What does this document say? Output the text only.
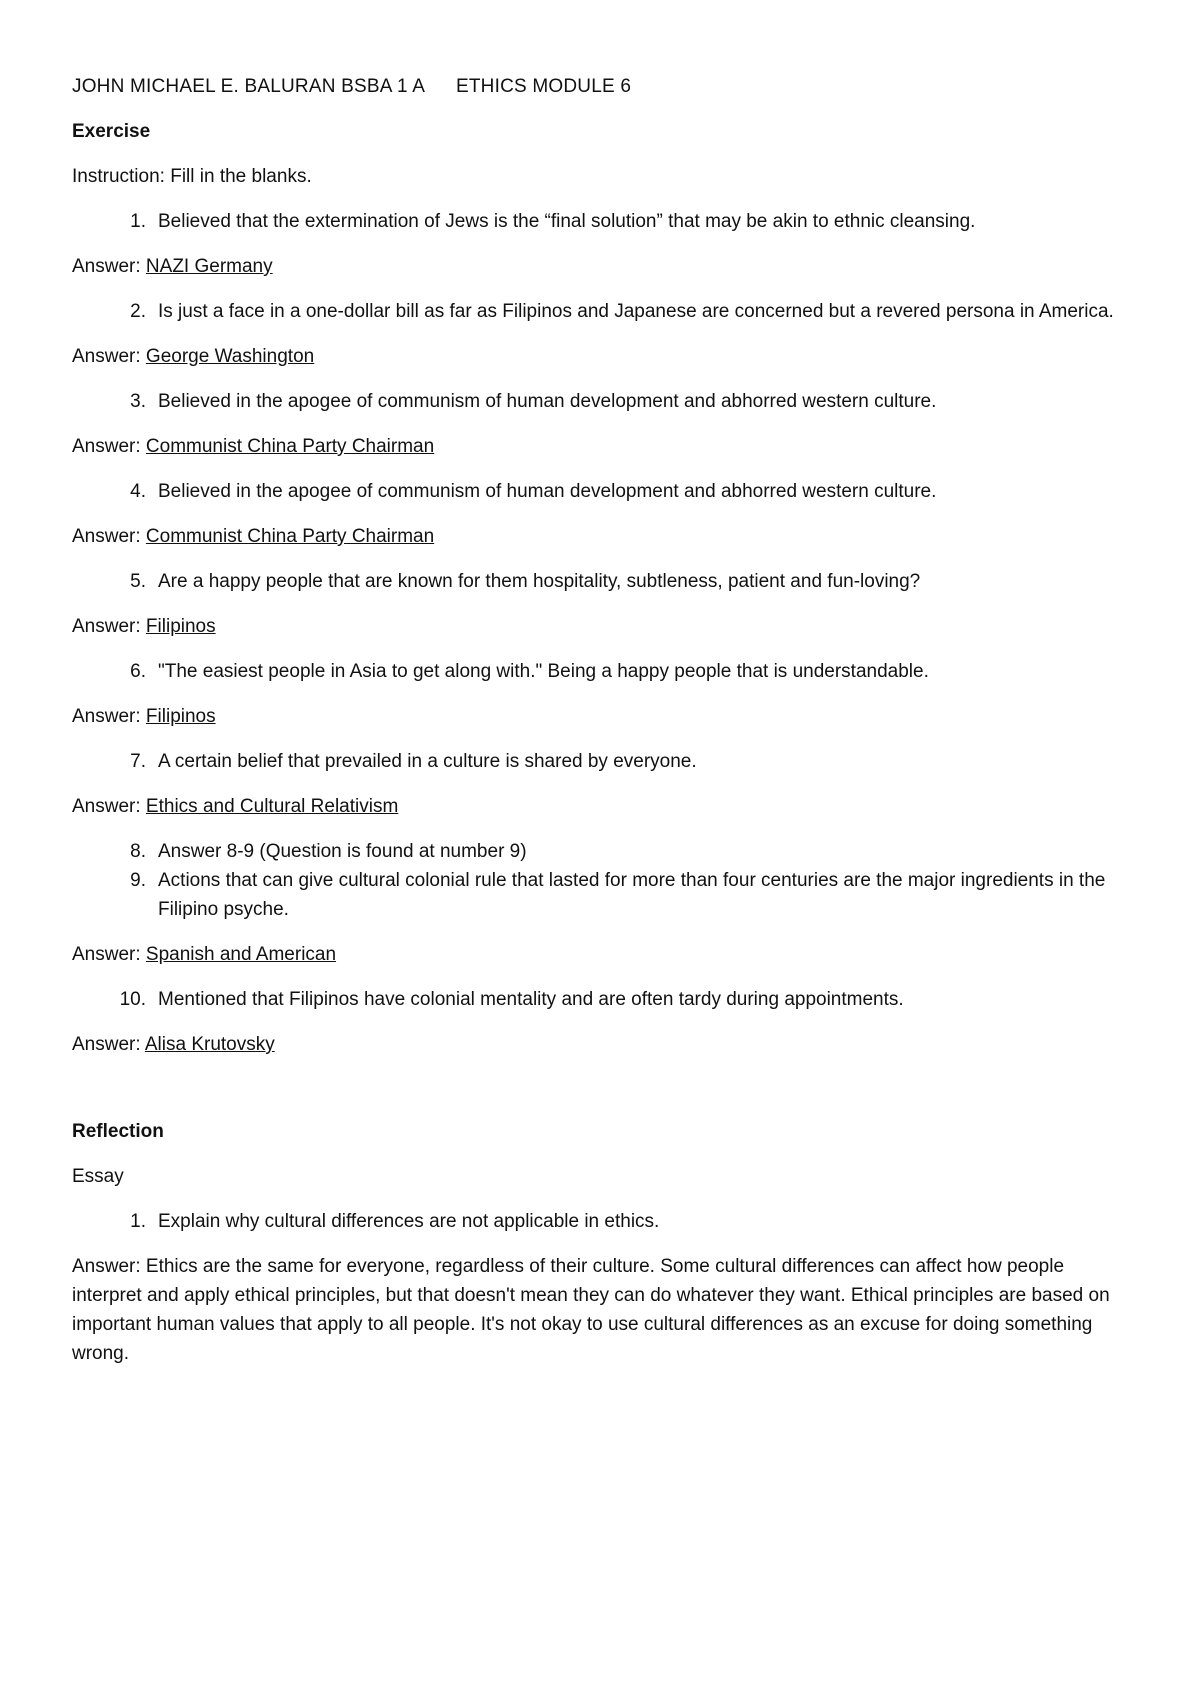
JOHN MICHAEL E. BALURAN BSBA 1 A	ETHICS MODULE 6
Exercise
Instruction: Fill in the blanks.
1. Believed that the extermination of Jews is the “final solution” that may be akin to ethnic cleansing.
Answer: NAZI Germany
2. Is just a face in a one-dollar bill as far as Filipinos and Japanese are concerned but a revered persona in America.
Answer: George Washington
3. Believed in the apogee of communism of human development and abhorred western culture.
Answer: Communist China Party Chairman
4. Believed in the apogee of communism of human development and abhorred western culture.
Answer: Communist China Party Chairman
5. Are a happy people that are known for them hospitality, subtleness, patient and fun-loving?
Answer: Filipinos
6. "The easiest people in Asia to get along with." Being a happy people that is understandable.
Answer: Filipinos
7. A certain belief that prevailed in a culture is shared by everyone.
Answer: Ethics and Cultural Relativism
8. Answer 8-9 (Question is found at number 9)
9. Actions that can give cultural colonial rule that lasted for more than four centuries are the major ingredients in the Filipino psyche.
Answer: Spanish and American
10. Mentioned that Filipinos have colonial mentality and are often tardy during appointments.
Answer: Alisa Krutovsky
Reflection
Essay
1. Explain why cultural differences are not applicable in ethics.

Answer: Ethics are the same for everyone, regardless of their culture. Some cultural differences can affect how people interpret and apply ethical principles, but that doesn't mean they can do whatever they want. Ethical principles are based on important human values that apply to all people. It's not okay to use cultural differences as an excuse for doing something wrong.
